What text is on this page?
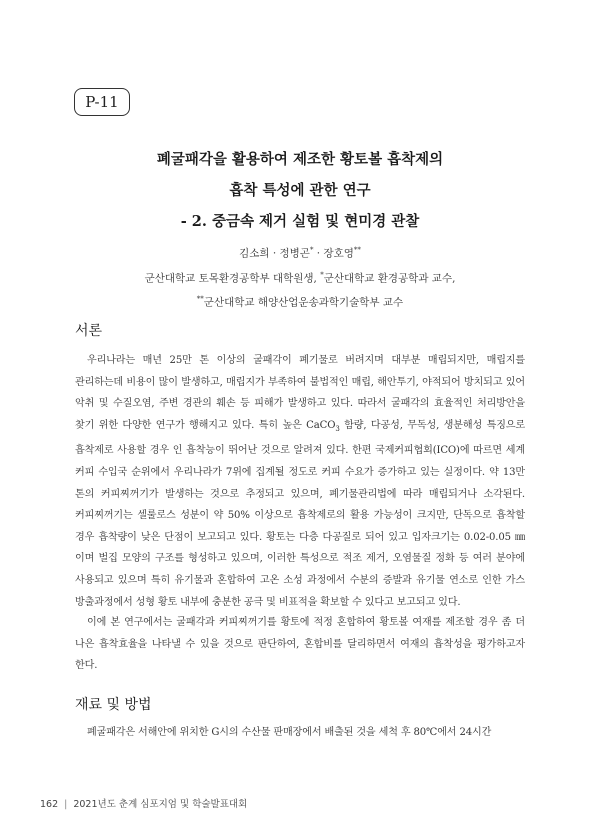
P-11
폐굴패각을 활용하여 제조한 황토볼 흡착제의
흡착 특성에 관한 연구
- 2. 중금속 제거 실험 및 현미경 관찰
김소희 · 정병곤* · 장호영**
군산대학교 토목환경공학부 대학원생, *군산대학교 환경공학과 교수,
**군산대학교 해양산업운송과학기술학부 교수
서론

우리나라는 매년 25만 톤 이상의 굴패각이 폐기물로 버려지며 대부분 매립되지만, 매립지를 관리하는데 비용이 많이 발생하고, 매립지가 부족하여 불법적인 매립, 해안투기, 야적되어 방치되고 있어 악취 및 수질오염, 주변 경관의 훼손 등 피해가 발생하고 있다. 따라서 굴패각의 효율적인 처리방안을 찾기 위한 다양한 연구가 행해지고 있다. 특히 높은 CaCO$_3$ 함량, 다공성, 무독성, 생분해성 특징으로 흡착제로 사용할 경우 인 흡착능이 뛰어난 것으로 알려져 있다. 한편 국제커피협회(ICO)에 따르면 세계 커피 수입국 순위에서 우리나라가 7위에 집계될 정도로 커피 수요가 증가하고 있는 실정이다. 약 13만 톤의 커피찌꺼기가 발생하는 것으로 추정되고 있으며, 폐기물관리법에 따라 매립되거나 소각된다. 커피찌꺼기는 셀룰로스 성분이 약 50% 이상으로 흡착제로의 활용 가능성이 크지만, 단독으로 흡착할 경우 흡착량이 낮은 단점이 보고되고 있다. 황토는 다층 다공질로 되어 있고 입자크기는 0.02-0.05 ㎜이며 벌집 모양의 구조를 형성하고 있으며, 이러한 특성으로 적조 제거, 오염물질 정화 등 여러 분야에 사용되고 있으며 특히 유기물과 혼합하여 고온 소성 과정에서 수분의 증발과 유기물 연소로 인한 가스 방출과정에서 성형 황토 내부에 충분한 공극 및 비표적을 확보할 수 있다고 보고되고 있다.

이에 본 연구에서는 굴패각과 커피찌꺼기를 황토에 적정 혼합하여 황토볼 여재를 제조할 경우 좀 더 나은 흡착효율을 나타낼 수 있을 것으로 판단하여, 혼합비를 달리하면서 여재의 흡착성을 평가하고자 한다.

재료 및 방법

폐굴패각은 서해안에 위치한 G시의 수산물 판매장에서 배출된 것을 세척 후 80℃에서 24시간

162 | 2021년도 춘계 심포지엄 및 학술발표대회
